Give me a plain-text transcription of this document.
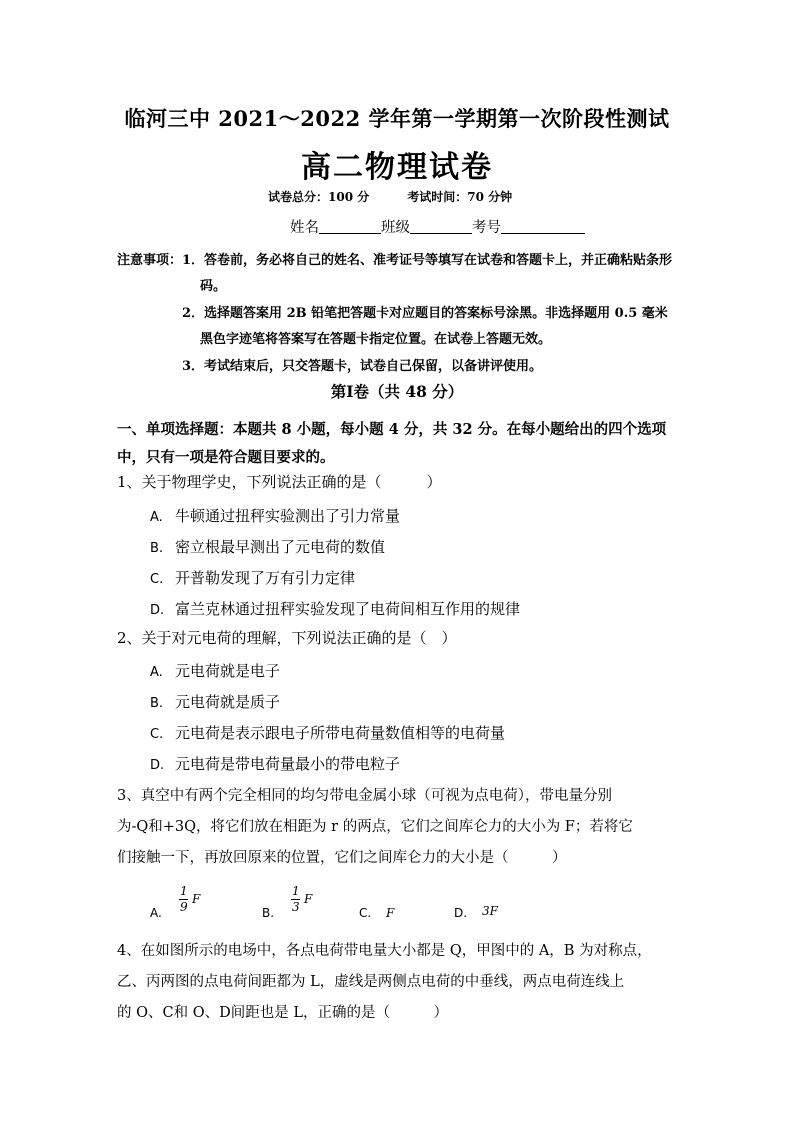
临河三中 2021～2022 学年第一学期第一次阶段性测试
高二物理试卷
试卷总分：100 分	考试时间：70 分钟
姓名	班级	考号
注意事项： 1．答卷前，务必将自己的姓名、准考证号等填写在试卷和答题卡上，并正确粘贴条形码。
2．选择题答案用 2B 铅笔把答题卡对应题目的答案标号涂黑。非选择题用 0.5 毫米黑色字迹笔将答案写在答题卡指定位置。在试卷上答题无效。
3．考试结束后，只交答题卡，试卷自己保留，以备讲评使用。
第Ⅰ卷（共 48 分）
一、单项选择题：本题共 8 小题，每小题 4 分，共 32 分。在每小题给出的四个选项中，只有一项是符合题目要求的。
1、关于物理学史，下列说法正确的是（　　　）
A. 牛顿通过扭秤实验测出了引力常量
B. 密立根最早测出了元电荷的数值
C. 开普勒发现了万有引力定律
D. 富兰克林通过扭秤实验发现了电荷间相互作用的规律
2、关于对元电荷的理解，下列说法正确的是（　）
A. 元电荷就是电子
B. 元电荷就是质子
C. 元电荷是表示跟电子所带电荷量数值相等的电荷量
D. 元电荷是带电荷量最小的带电粒子
3、真空中有两个完全相同的均匀带电金属小球（可视为点电荷），带电量分别
为-Q和+3Q，将它们放在相距为 r 的两点，它们之间库仑力的大小为 F；若将它
们接触一下，再放回原来的位置，它们之间库仑力的大小是（　　　）
A.
1
9
F
B.
1
3
F
C. F	D. 3F
4、在如图所示的电场中，各点电荷带电量大小都是 Q，甲图中的 A，B 为对称点，
乙、丙两图的点电荷间距都为 L，虚线是两侧点电荷的中垂线，两点电荷连线上
的 O、C和 O、D间距也是 L，正确的是（　　　）
